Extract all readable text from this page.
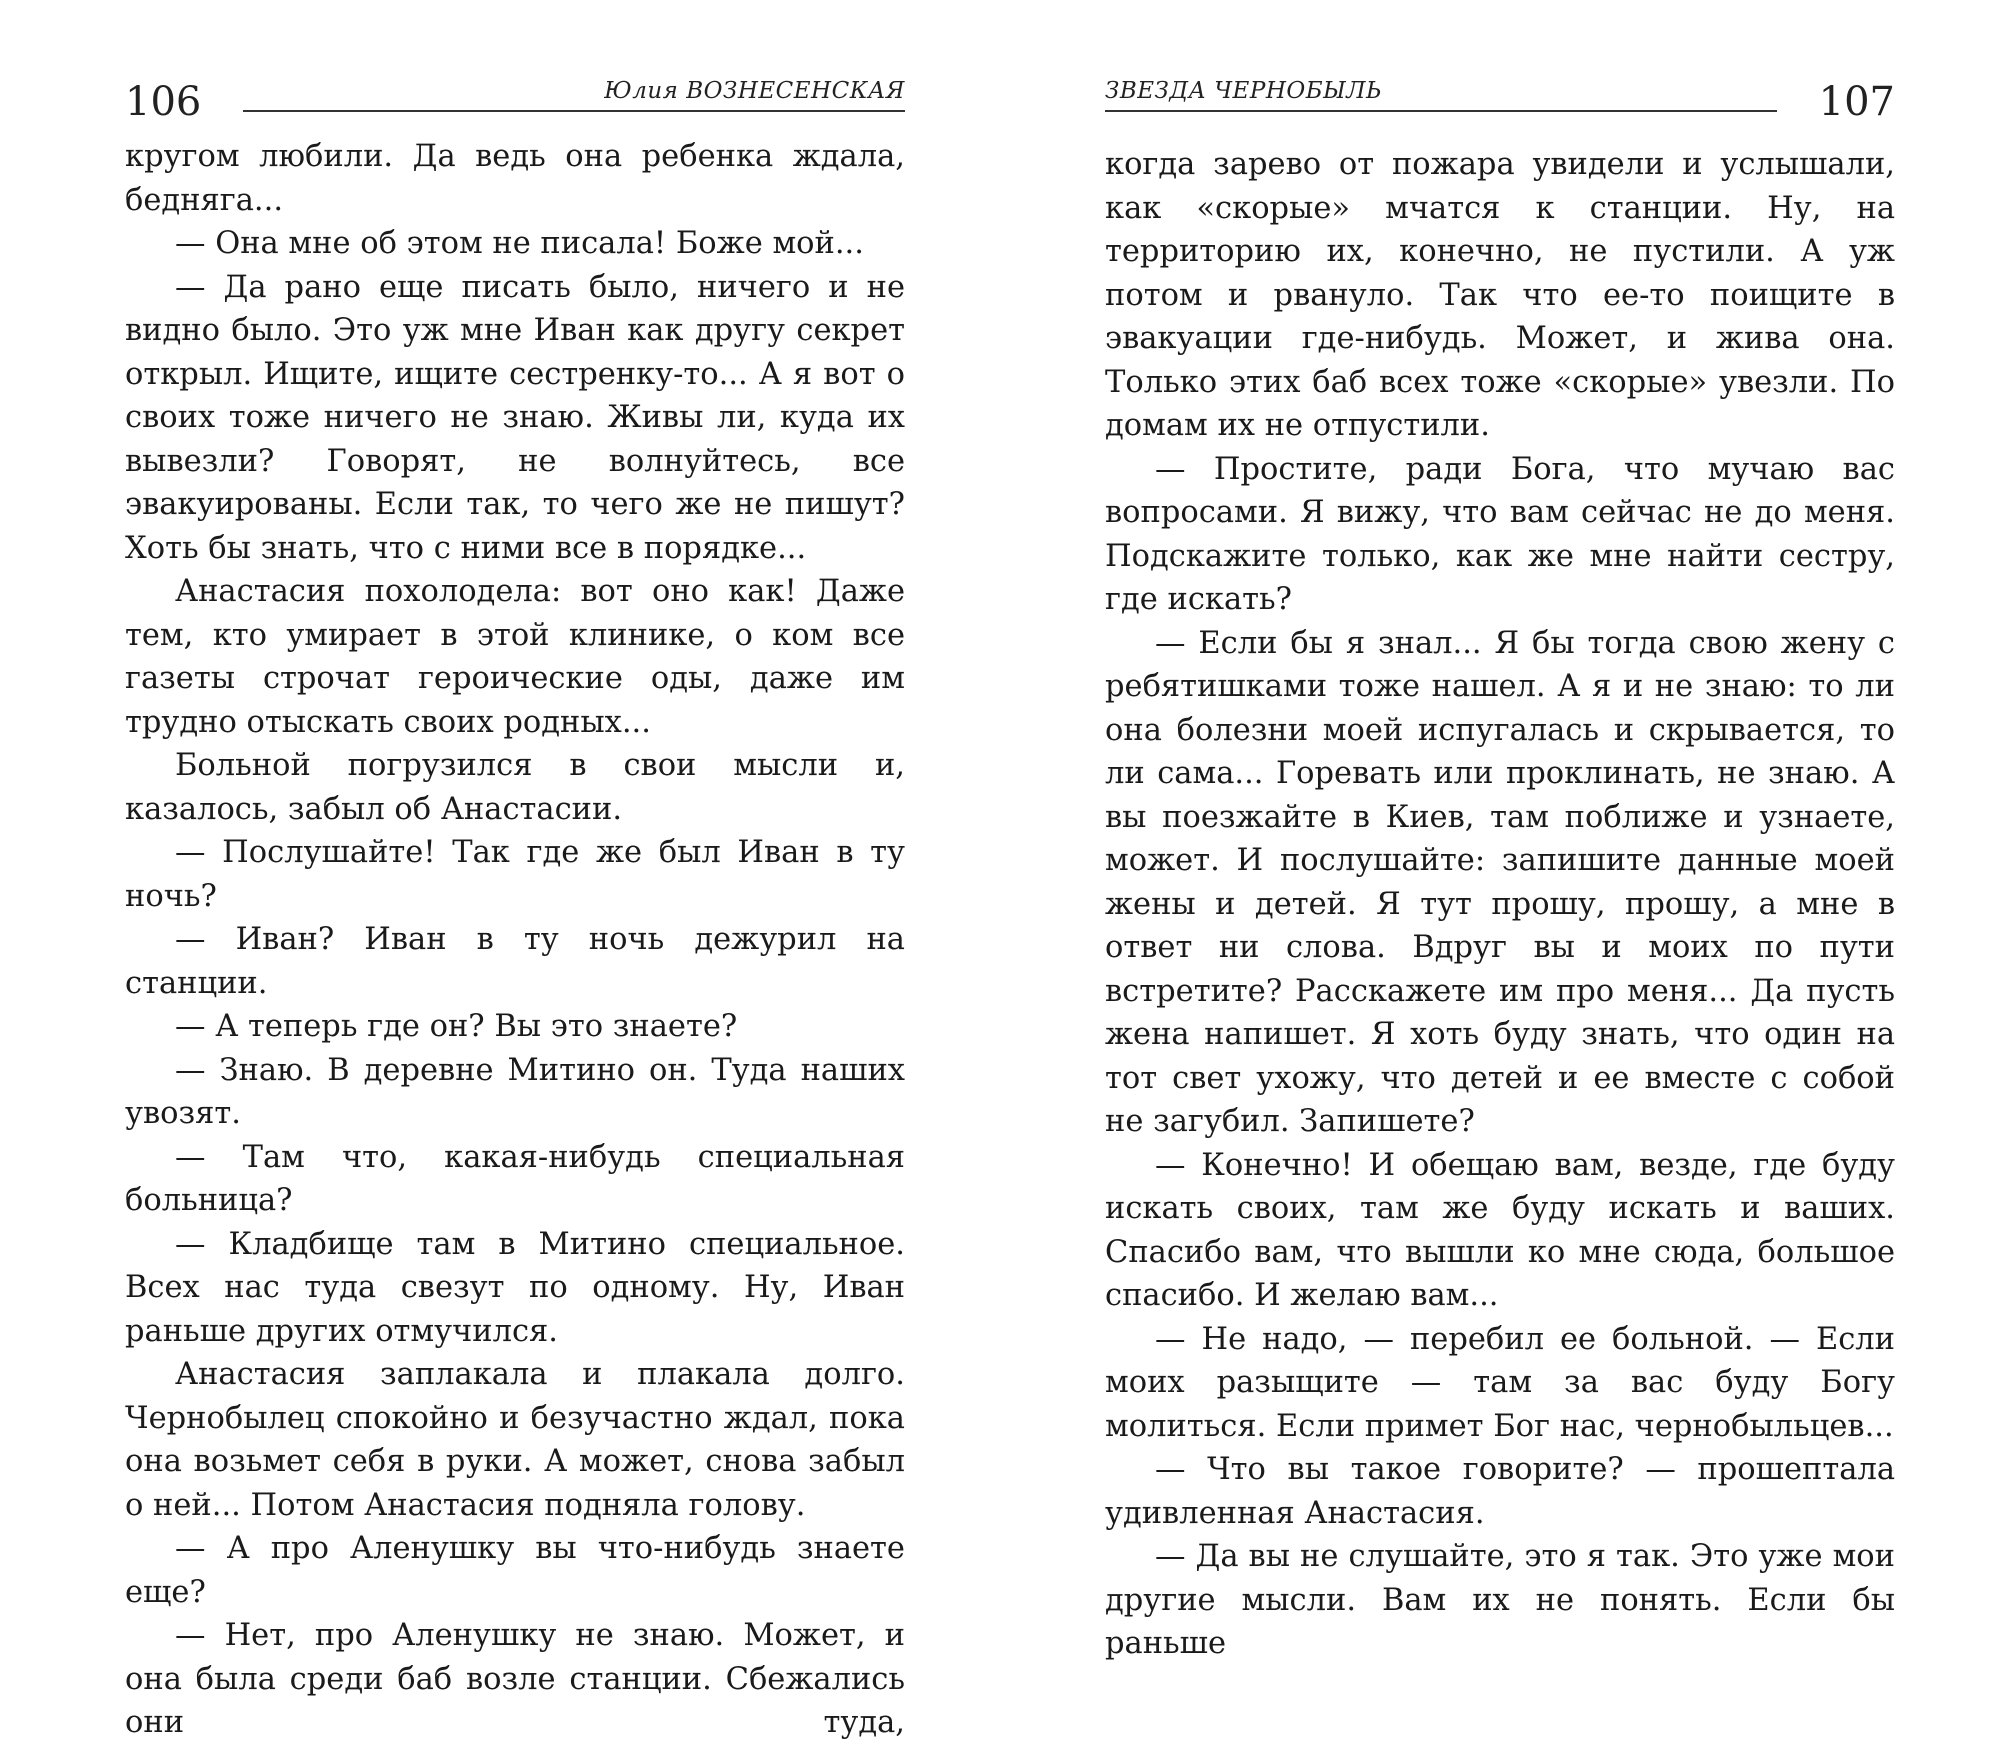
106	Юлия ВОЗНЕСЕНСКАЯ

кругом любили. Да ведь она ребенка ждала, бедняга...

— Она мне об этом не писала! Боже мой...

— Да рано еще писать было, ничего и не видно было. Это уж мне Иван как другу секрет открыл. Ищите, ищите сестренку-то... А я вот о своих тоже ничего не знаю. Живы ли, куда их вывезли? Говорят, не волнуйтесь, все эвакуированы. Если так, то чего же не пишут? Хоть бы знать, что с ними все в порядке...

Анастасия похолодела: вот оно как! Даже тем, кто умирает в этой клинике, о ком все газеты строчат героические оды, даже им трудно отыскать своих родных...

Больной погрузился в свои мысли и, казалось, забыл об Анастасии.

— Послушайте! Так где же был Иван в ту ночь?

— Иван? Иван в ту ночь дежурил на станции.

— А теперь где он? Вы это знаете?

— Знаю. В деревне Митино он. Туда наших увозят.

— Там что, какая-нибудь специальная больница?

— Кладбище там в Митино специальное. Всех нас туда свезут по одному. Ну, Иван раньше других отмучился.

Анастасия заплакала и плакала долго. Чернобылец спокойно и безучастно ждал, пока она возьмет себя в руки. А может, снова забыл о ней... Потом Анастасия подняла голову.

— А про Аленушку вы что-нибудь знаете еще?

— Нет, про Аленушку не знаю. Может, и она была среди баб возле станции. Сбежались они туда,

ЗВЕЗДА ЧЕРНОБЫЛЬ	107

когда зарево от пожара увидели и услышали, как «скорые» мчатся к станции. Ну, на территорию их, конечно, не пустили. А уж потом и рвануло. Так что ее-то поищите в эвакуации где-нибудь. Может, и жива она. Только этих баб всех тоже «скорые» увезли. По домам их не отпустили.

— Простите, ради Бога, что мучаю вас вопросами. Я вижу, что вам сейчас не до меня. Подскажите только, как же мне найти сестру, где искать?

— Если бы я знал... Я бы тогда свою жену с ребятишками тоже нашел. А я и не знаю: то ли она болезни моей испугалась и скрывается, то ли сама... Горевать или проклинать, не знаю. А вы поезжайте в Киев, там поближе и узнаете, может. И послушайте: запишите данные моей жены и детей. Я тут прошу, прошу, а мне в ответ ни слова. Вдруг вы и моих по пути встретите? Расскажете им про меня... Да пусть жена напишет. Я хоть буду знать, что один на тот свет ухожу, что детей и ее вместе с собой не загубил. Запишете?

— Конечно! И обещаю вам, везде, где буду искать своих, там же буду искать и ваших. Спасибо вам, что вышли ко мне сюда, большое спасибо. И желаю вам...

— Не надо, — перебил ее больной. — Если моих разыщите — там за вас буду Богу молиться. Если примет Бог нас, чернобыльцев...

— Что вы такое говорите? — прошептала удивленная Анастасия.

— Да вы не слушайте, это я так. Это уже мои другие мысли. Вам их не понять. Если бы раньше
